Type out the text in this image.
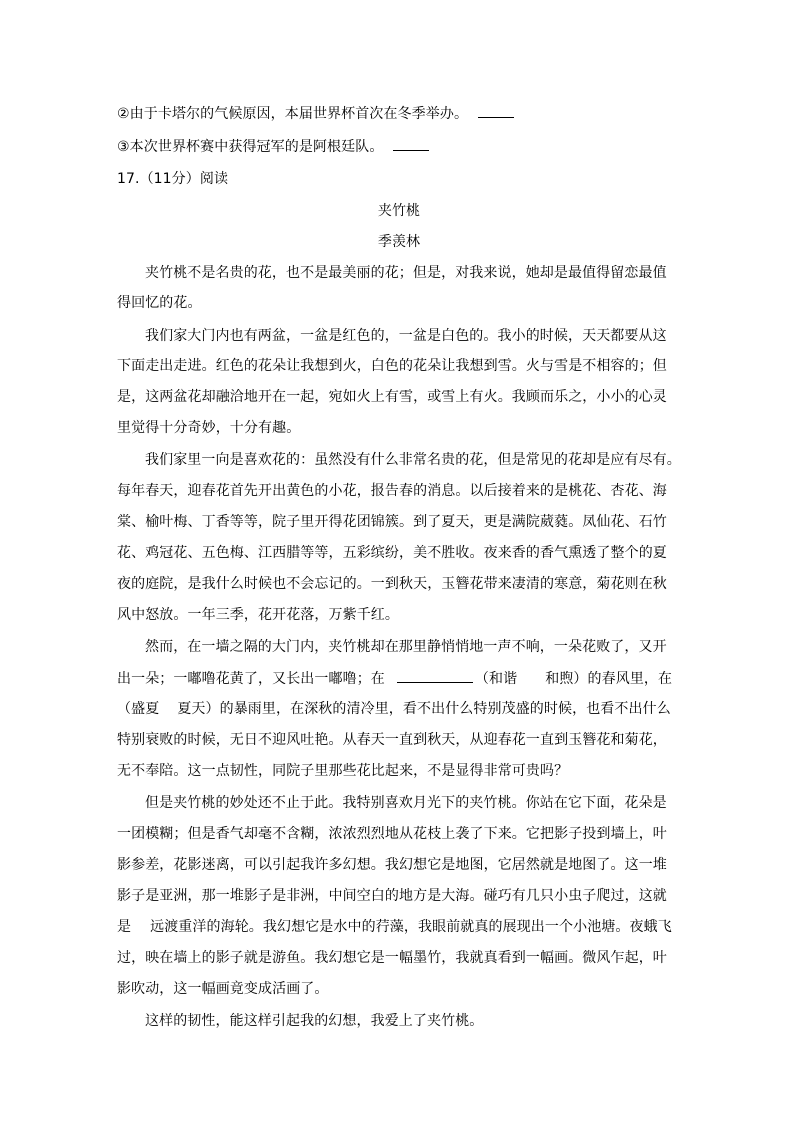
②由于卡塔尔的气候原因，本届世界杯首次在冬季举办。
③本次世界杯赛中获得冠军的是阿根廷队。
17.（11分）阅读
夹竹桃
季羡林
夹竹桃不是名贵的花，也不是最美丽的花；但是，对我来说，她却是最值得留恋最值
得回忆的花。
我们家大门内也有两盆，一盆是红色的，一盆是白色的。我小的时候，天天都要从这
下面走出走进。红色的花朵让我想到火，白色的花朵让我想到雪。火与雪是不相容的；但
是，这两盆花却融洽地开在一起，宛如火上有雪，或雪上有火。我顾而乐之，小小的心灵
里觉得十分奇妙，十分有趣。
我们家里一向是喜欢花的：虽然没有什么非常名贵的花，但是常见的花却是应有尽有。
每年春天，迎春花首先开出黄色的小花，报告春的消息。以后接着来的是桃花、杏花、海
棠、榆叶梅、丁香等等，院子里开得花团锦簇。到了夏天，更是满院葳蕤。凤仙花、石竹
花、鸡冠花、五色梅、江西腊等等，五彩缤纷，美不胜收。夜来香的香气熏透了整个的夏
夜的庭院，是我什么时候也不会忘记的。一到秋天，玉簪花带来凄清的寒意，菊花则在秋
风中怒放。一年三季，花开花落，万紫千红。
然而，在一墙之隔的大门内，夹竹桃却在那里静悄悄地一声不响，一朵花败了，又开
出一朵；一嘟噜花黄了，又长出一嘟噜；在	（和谐 和煦）的春风里，在
（盛夏 夏天）的暴雨里，在深秋的清冷里，看不出什么特别茂盛的时候，也看不出什么
特别衰败的时候，无日不迎风吐艳。从春天一直到秋天，从迎春花一直到玉簪花和菊花，
无不奉陪。这一点韧性，同院子里那些花比起来，不是显得非常可贵吗？
但是夹竹桃的妙处还不止于此。我特别喜欢月光下的夹竹桃。你站在它下面，花朵是
一团模糊；但是香气却毫不含糊，浓浓烈烈地从花枝上袭了下来。它把影子投到墙上，叶
影参差，花影迷离，可以引起我许多幻想。我幻想它是地图，它居然就是地图了。这一堆
影子是亚洲，那一堆影子是非洲，中间空白的地方是大海。碰巧有几只小虫子爬过，这就
是 远渡重洋的海轮。我幻想它是水中的荇藻，我眼前就真的展现出一个小池塘。夜蛾飞
过，映在墙上的影子就是游鱼。我幻想它是一幅墨竹，我就真看到一幅画。微风乍起，叶
影吹动，这一幅画竟变成活画了。
这样的韧性，能这样引起我的幻想，我爱上了夹竹桃。
